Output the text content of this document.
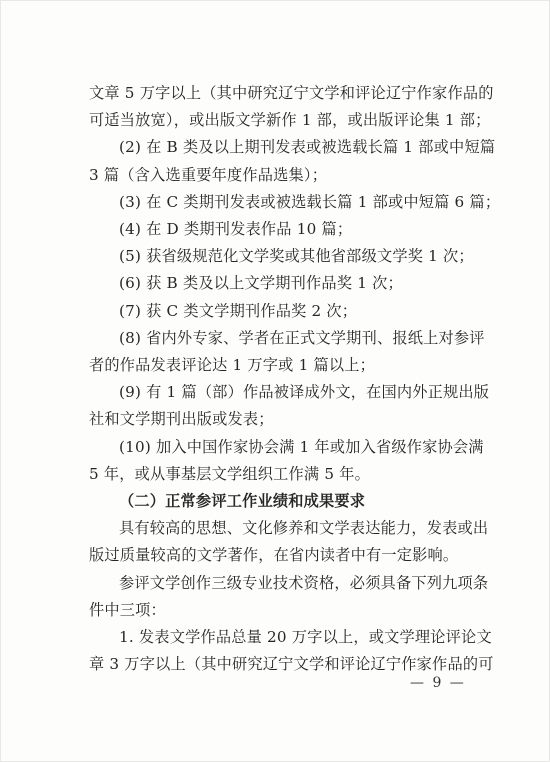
文章 5 万字以上（其中研究辽宁文学和评论辽宁作家作品的

可适当放宽），或出版文学新作 1 部，或出版评论集 1 部；

(2) 在 B 类及以上期刊发表或被选载长篇 1 部或中短篇

3 篇（含入选重要年度作品选集）；

(3) 在 C 类期刊发表或被选载长篇 1 部或中短篇 6 篇；

(4) 在 D 类期刊发表作品 10 篇；

(5) 获省级规范化文学奖或其他省部级文学奖 1 次；

(6) 获 B 类及以上文学期刊作品奖 1 次；

(7) 获 C 类文学期刊作品奖 2 次；

(8) 省内外专家、学者在正式文学期刊、报纸上对参评

者的作品发表评论达 1 万字或 1 篇以上；

(9) 有 1 篇（部）作品被译成外文，在国内外正规出版

社和文学期刊出版或发表；

(10) 加入中国作家协会满 1 年或加入省级作家协会满

5 年，或从事基层文学组织工作满 5 年。

（二）正常参评工作业绩和成果要求

具有较高的思想、文化修养和文学表达能力，发表或出

版过质量较高的文学著作，在省内读者中有一定影响。

参评文学创作三级专业技术资格，必须具备下列九项条

件中三项：

1. 发表文学作品总量 20 万字以上，或文学理论评论文

章 3 万字以上（其中研究辽宁文学和评论辽宁作家作品的可

— 9 —
